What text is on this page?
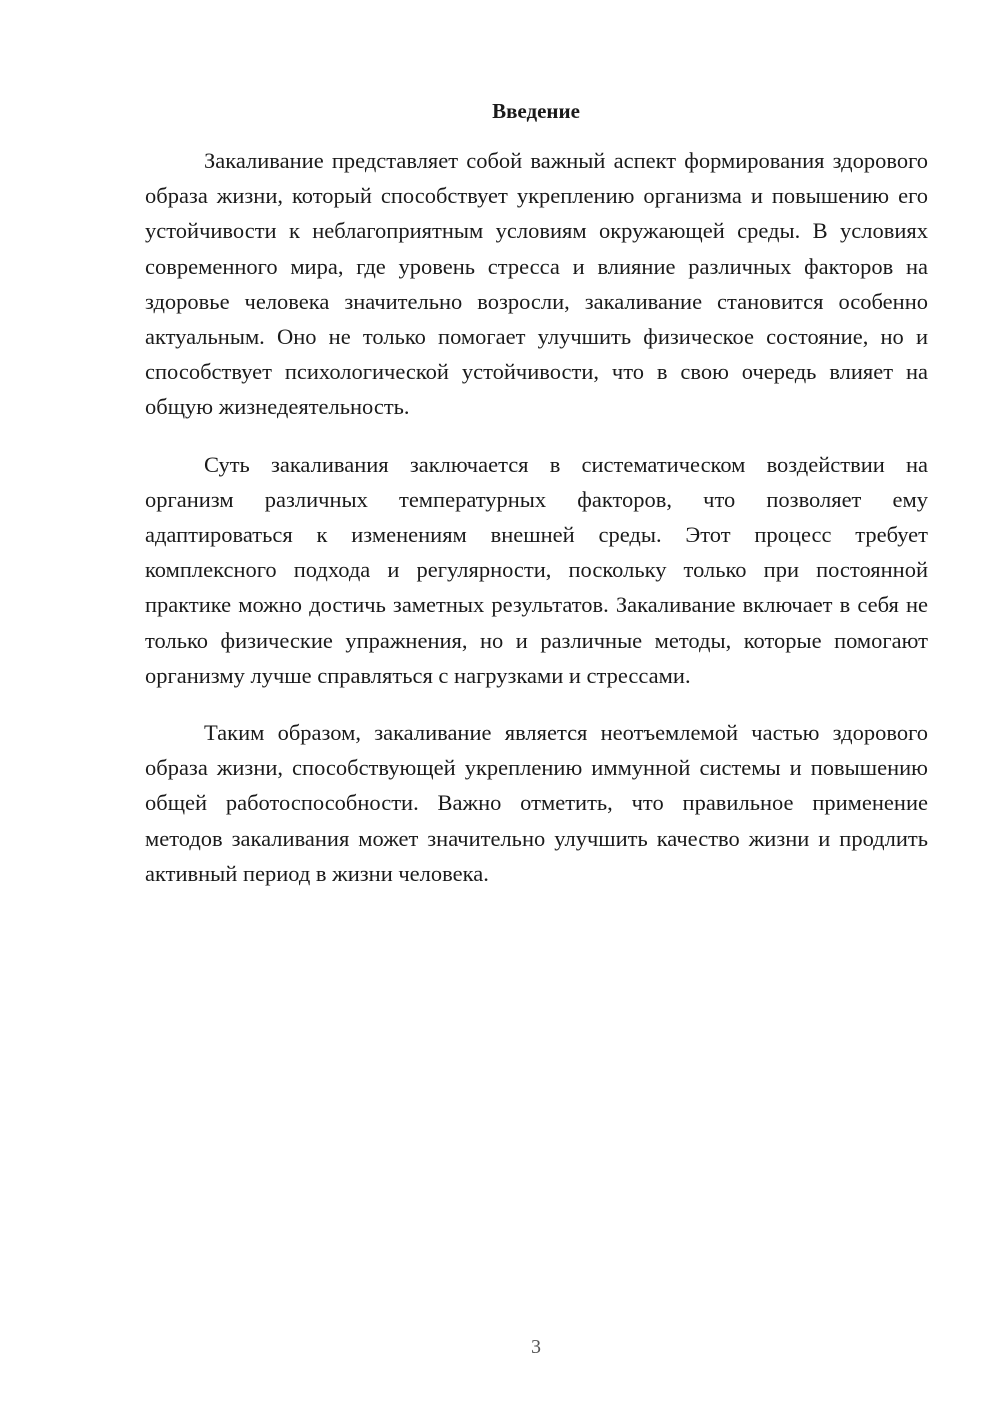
Введение

Закаливание представляет собой важный аспект формирования здорового образа жизни, который способствует укреплению организма и повышению его устойчивости к неблагоприятным условиям окружающей среды. В условиях современного мира, где уровень стресса и влияние различных факторов на здоровье человека значительно возросли, закаливание становится особенно актуальным. Оно не только помогает улучшить физическое состояние, но и способствует психологической устойчивости, что в свою очередь влияет на общую жизнедеятельность.

Суть закаливания заключается в систематическом воздействии на организм различных температурных факторов, что позволяет ему адаптироваться к изменениям внешней среды. Этот процесс требует комплексного подхода и регулярности, поскольку только при постоянной практике можно достичь заметных результатов. Закаливание включает в себя не только физические упражнения, но и различные методы, которые помогают организму лучше справляться с нагрузками и стрессами.

Таким образом, закаливание является неотъемлемой частью здорового образа жизни, способствующей укреплению иммунной системы и повышению общей работоспособности. Важно отметить, что правильное применение методов закаливания может значительно улучшить качество жизни и продлить активный период в жизни человека.

3
